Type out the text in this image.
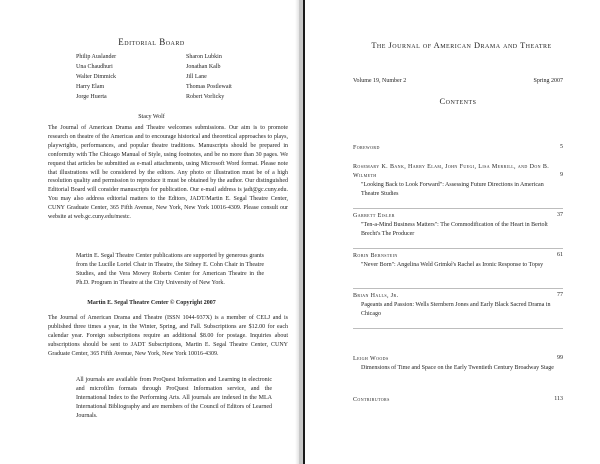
Editorial Board
Philip Auslander	Sharon Lubkin
Una Chaudhuri	Jonathan Kalb
Walter Dimmick	Jill Lane
Harry Elam	Thomas Postlewait
Jorge Huerta	Robert Vorlicky
Stacy Wolf
The Journal of American Drama and Theatre welcomes submissions. Our aim is to promote research on theatre of the Americas and to encourage historical and theoretical approaches to plays, playwrights, performances, and popular theatre traditions. Manuscripts should be prepared in conformity with The Chicago Manual of Style, using footnotes, and be no more than 30 pages. We request that articles be submitted as e-mail attachments, using Microsoft Word format. Please note that illustrations will be considered by the editors. Any photo or illustration must be of a high resolution quality and permission to reproduce it must be obtained by the author. Our distinguished Editorial Board will consider manuscripts for publication. Our e-mail address is jadt@gc.cuny.edu. You may also address editorial matters to the Editors, JADT/Martin E. Segal Theatre Center, CUNY Graduate Center, 365 Fifth Avenue, New York, New York 10016-4309. Please consult our website at web.gc.cuny.edu/mestc.
Martin E. Segal Theatre Center publications are supported by generous grants from the Lucille Lortel Chair in Theatre, the Sidney E. Cohn Chair in Theatre Studies, and the Vera Mowry Roberts Center for American Theatre in the Ph.D. Program in Theatre at the City University of New York.
Martin E. Segal Theatre Center © Copyright 2007
The Journal of American Drama and Theatre (ISSN 1044-937X) is a member of CELJ and is published three times a year, in the Winter, Spring, and Fall. Subscriptions are $12.00 for each calendar year. Foreign subscriptions require an additional $8.00 for postage. Inquiries about subscriptions should be sent to JADT Subscriptions, Martin E. Segal Theatre Center, CUNY Graduate Center, 365 Fifth Avenue, New York, New York 10016-4309.
All journals are available from ProQuest Information and Learning in electronic and microfilm formats through ProQuest Information service, and the International Index to the Performing Arts. All journals are indexed in the MLA International Bibliography and are members of the Council of Editors of Learned Journals.
The Journal of American Drama and Theatre
Volume 19, Number 2	Spring 2007
Contents
Foreword	5
Rosemary K. Bank, Harry Elam, John Fuegi, Lisa Merrill, and Don B. Wilmeth	9
"Looking Back to Look Forward": Assessing Future Directions in American Theatre Studies
Garrett Eisler	37
"Ten-a-Mind Business Matters": The Commodification of the Heart in Bertolt Brecht's The Producer
Robin Bernstein	61
"Never Born": Angelina Weld Grimké's Rachel as Ironic Response to Topsy
Brian Halls, Jr.	77
Pageants and Passion: Wells Sternbern Jones and Early Black Sacred Drama in Chicago
Leigh Woods	99
Dimensions of Time and Space on the Early Twentieth Century Broadway Stage
Contributors	113
